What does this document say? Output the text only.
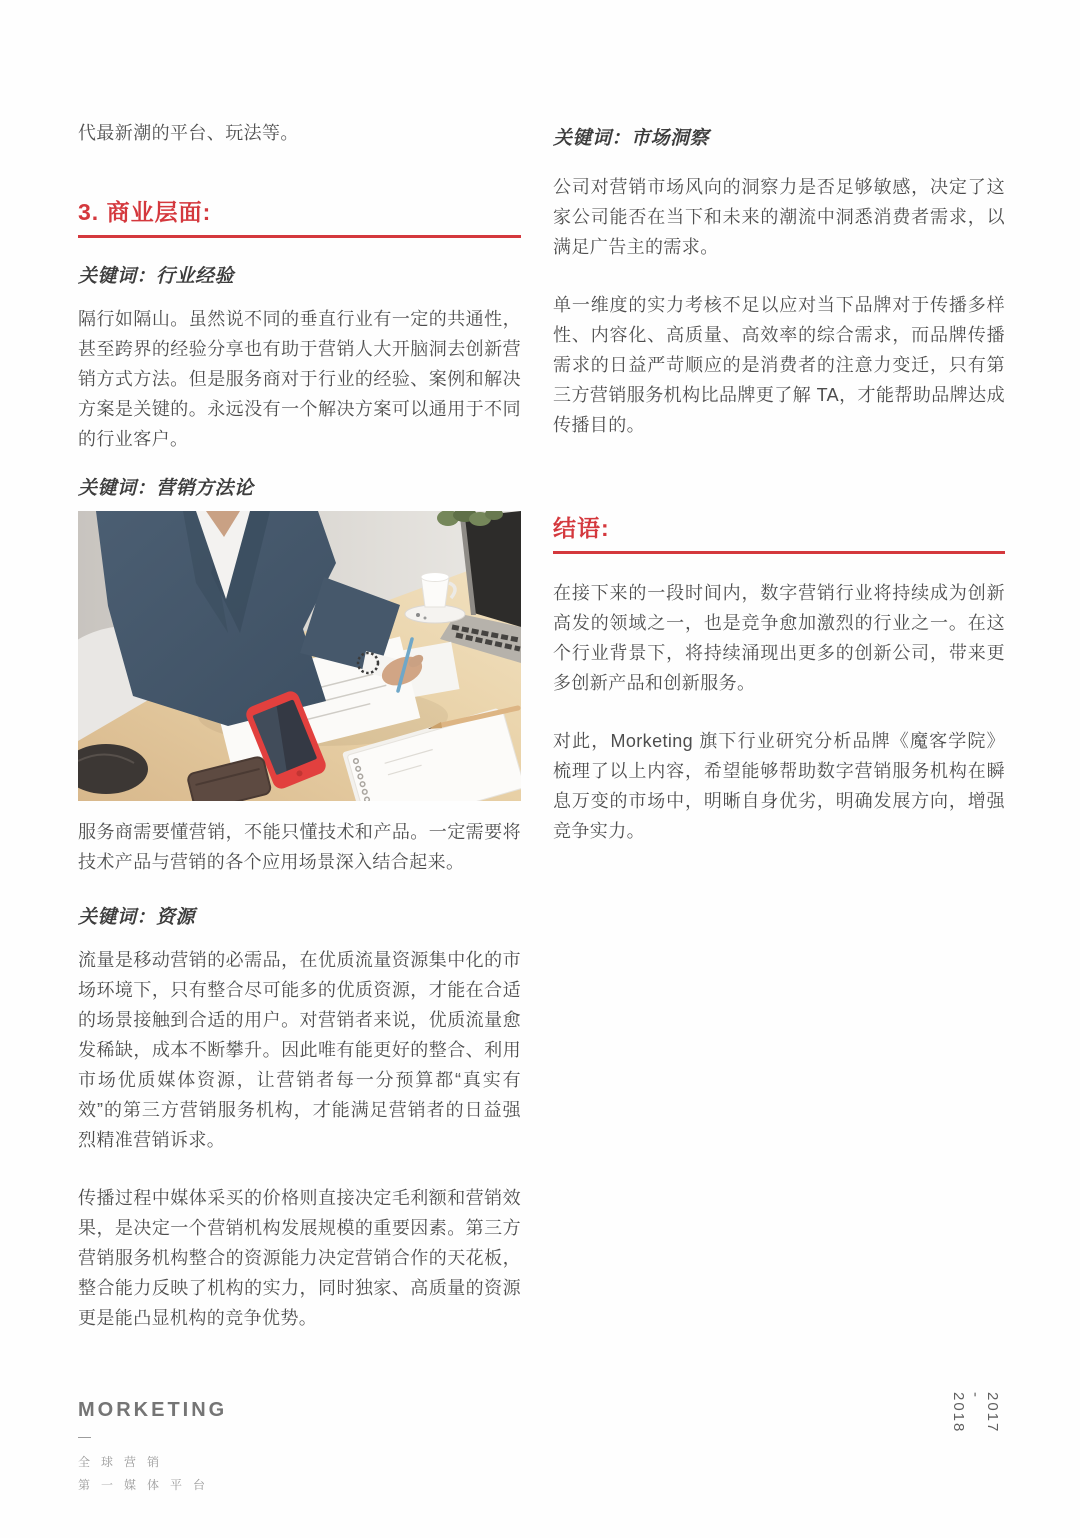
代最新潮的平台、玩法等。

3. 商业层面:
关键词：行业经验

隔行如隔山。虽然说不同的垂直行业有一定的共通性，甚至跨界的经验分享也有助于营销人大开脑洞去创新营销方式方法。但是服务商对于行业的经验、案例和解决方案是关键的。永远没有一个解决方案可以通用于不同的行业客户。

关键词：营销方法论

服务商需要懂营销，不能只懂技术和产品。一定需要将技术产品与营销的各个应用场景深入结合起来。

关键词：资源

流量是移动营销的必需品，在优质流量资源集中化的市场环境下，只有整合尽可能多的优质资源，才能在合适的场景接触到合适的用户。对营销者来说，优质流量愈发稀缺，成本不断攀升。因此唯有能更好的整合、利用市场优质媒体资源，让营销者每一分预算都“真实有效”的第三方营销服务机构，才能满足营销者的日益强烈精准营销诉求。

传播过程中媒体采买的价格则直接决定毛利额和营销效果，是决定一个营销机构发展规模的重要因素。第三方营销服务机构整合的资源能力决定营销合作的天花板，整合能力反映了机构的实力，同时独家、高质量的资源更是能凸显机构的竞争优势。

关键词：市场洞察

公司对营销市场风向的洞察力是否足够敏感，决定了这家公司能否在当下和未来的潮流中洞悉消费者需求，以满足广告主的需求。

单一维度的实力考核不足以应对当下品牌对于传播多样性、内容化、高质量、高效率的综合需求，而品牌传播需求的日益严苛顺应的是消费者的注意力变迁，只有第三方营销服务机构比品牌更了解 TA，才能帮助品牌达成传播目的。

结语:

在接下来的一段时间内，数字营销行业将持续成为创新高发的领域之一，也是竞争愈加激烈的行业之一。在这个行业背景下，将持续涌现出更多的创新公司，带来更多创新产品和创新服务。

对此，Morketing 旗下行业研究分析品牌《魔客学院》梳理了以上内容，希望能够帮助数字营销服务机构在瞬息万变的市场中，明晰自身优劣，明确发展方向，增强竞争实力。

MORKETING
—
全球营销
第一媒体平台
2017
-
2018
